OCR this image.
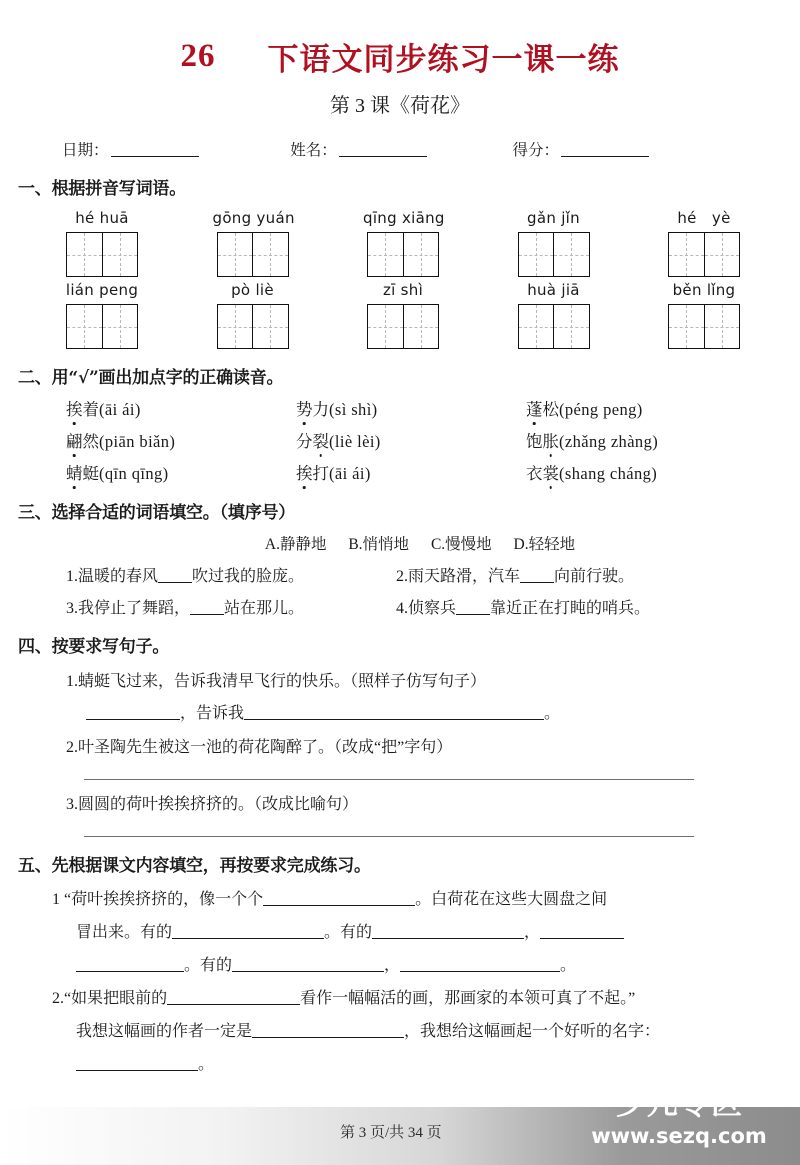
26 下语文同步练习一课一练
第 3 课《荷花》
日期：	姓名：	得分：
一、根据拼音写词语。
hé huā	gōng yuán	qīng xiāng	gǎn jǐn	hé   yè
lián peng	pò liè	zī shì	huà jiā	běn lǐng
二、用“√”画出加点字的正确读音。
挨着(āi ái)	势力(sì shì)	蓬松(péng peng)
翩然(piān biǎn)	分裂(liè lèi)	饱胀(zhǎng zhàng)
蜻蜓(qīn qīng)	挨打(āi ái)	衣裳(shang cháng)
三、选择合适的词语填空。（填序号）
A.静静地 B.悄悄地 C.慢慢地 D.轻轻地
1.温暖的春风 吹过我的脸庞。	2.雨天路滑，汽车 向前行驶。
3.我停止了舞蹈， 站在那儿。	4.侦察兵 靠近正在打盹的哨兵。
四、按要求写句子。
1.蜻蜓飞过来，告诉我清早飞行的快乐。（照样子仿写句子）
，告诉我	。
2.叶圣陶先生被这一池的荷花陶醉了。（改成“把”字句）
3.圆圆的荷叶挨挨挤挤的。（改成比喻句）
五、先根据课文内容填空，再按要求完成练习。
1 “荷叶挨挨挤挤的，像一个个	。白荷花在这些大圆盘之间
冒出来。有的	。有的	，
。有的	，	。
2.“如果把眼前的	看作一幅幅活的画，那画家的本领可真了不起。”
我想这幅画的作者一定是	，我想给这幅画起一个好听的名字：
。
第 3 页/共 34 页
少儿专区
www.sezq.com
